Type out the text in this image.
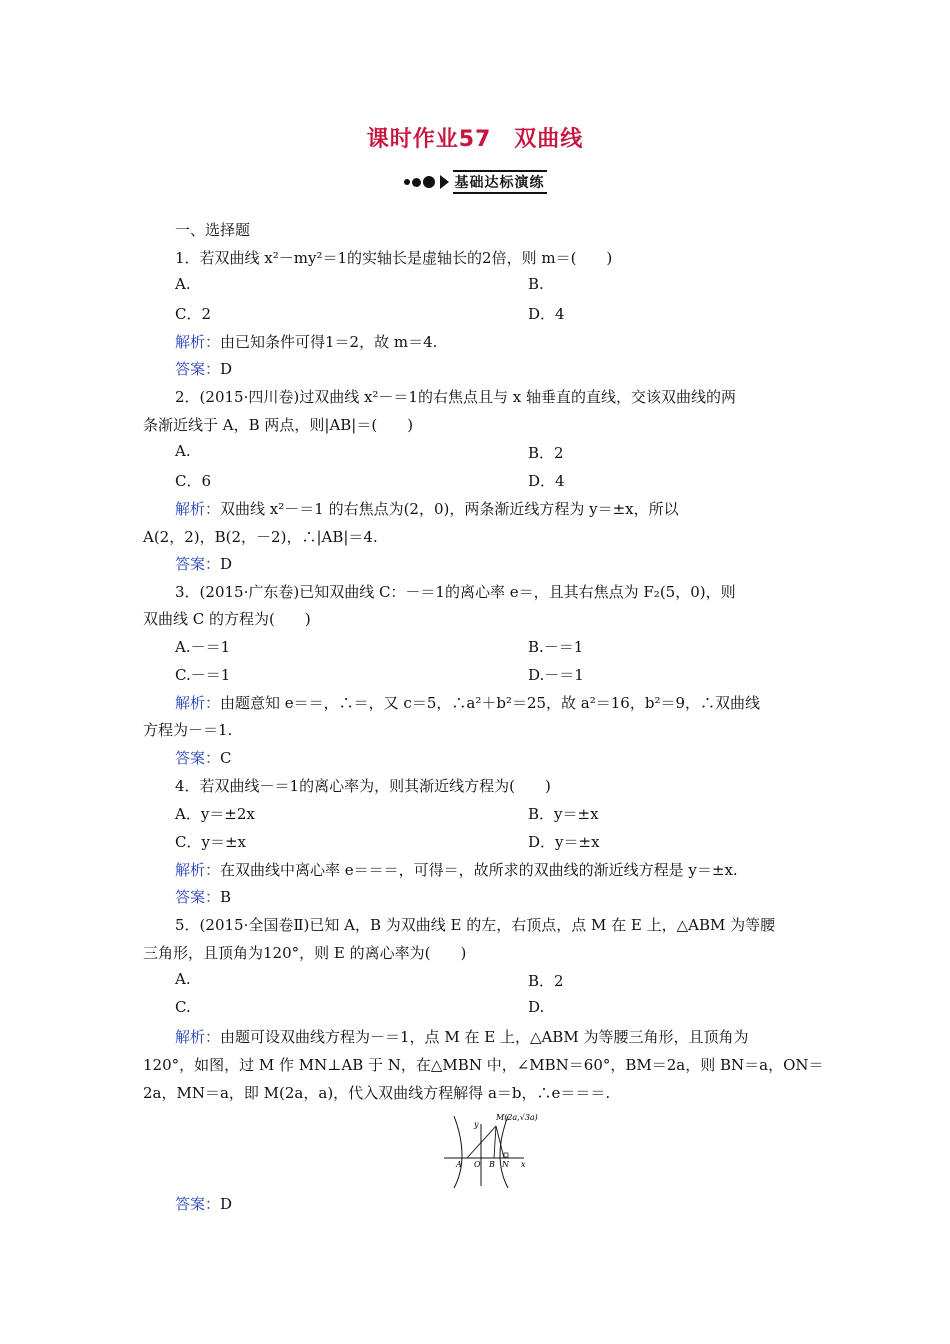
课时作业57　双曲线
基础达标演练
一、选择题
1．若双曲线 x²－my²＝1的实轴长是虚轴长的2倍，则 m＝(　　)
A.	B.
C．2	D．4
解析：由已知条件可得1＝2，故 m＝4.
答案：D
2．(2015·四川卷)过双曲线 x²－＝1的右焦点且与 x 轴垂直的直线，交该双曲线的两
条渐近线于 A，B 两点，则|AB|＝(　　)
A.	B．2
C．6	D．4
解析：双曲线 x²－＝1 的右焦点为(2，0)，两条渐近线方程为 y＝±x，所以
A(2，2)，B(2，－2)，∴|AB|＝4.
答案：D
3．(2015·广东卷)已知双曲线 C：－＝1的离心率 e＝，且其右焦点为 F₂(5，0)，则
双曲线 C 的方程为(　　)
A.－＝1	B.－＝1
C.－＝1	D.－＝1
解析：由题意知 e＝＝，∴＝，又 c＝5，∴a²＋b²＝25，故 a²＝16，b²＝9，∴双曲线
方程为－＝1.
答案：C
4．若双曲线－＝1的离心率为，则其渐近线方程为(　　)
A．y＝±2x	B．y＝±x
C．y＝±x	D．y＝±x
解析：在双曲线中离心率 e＝＝＝，可得＝，故所求的双曲线的渐近线方程是 y＝±x.
答案：B
5．(2015·全国卷Ⅱ)已知 A，B 为双曲线 E 的左，右顶点，点 M 在 E 上，△ABM 为等腰
三角形，且顶角为120°，则 E 的离心率为(　　)
A.	B．2
C.	D.
解析：由题可设双曲线方程为－＝1，点 M 在 E 上，△ABM 为等腰三角形，且顶角为
120°，如图，过 M 作 MN⊥AB 于 N，在△MBN 中，∠MBN＝60°，BM＝2a，则 BN＝a，ON＝
2a，MN＝a，即 M(2a，a)，代入双曲线方程解得 a＝b，∴e＝＝＝.
M(2a,√3a)
y
x
A O B N
答案：D
